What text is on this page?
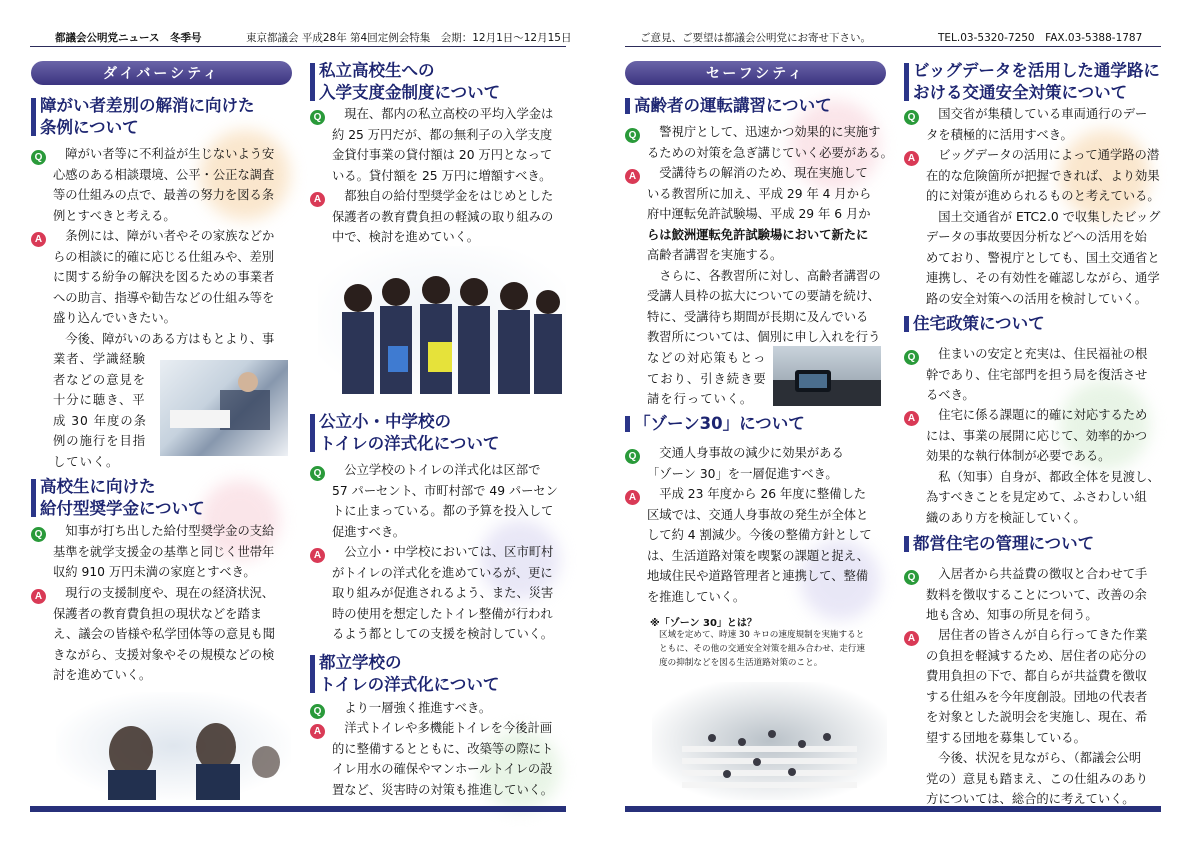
都議会公明党ニュース　冬季号	東京都議会 平成28年 第4回定例会特集　会期：12月1日〜12月15日	ご意見、ご要望は都議会公明党にお寄せ下さい。	TEL.03-5320-7250　FAX.03-5388-1787
ダイバーシティ
障がい者差別の解消に向けた
条例について
Q 　障がい者等に不利益が生じないよう安
心感のある相談環境、公平・公正な調査
等の仕組みの点で、最善の努力を図る条
例とすべきと考える。

A 　条例には、障がい者やその家族などか
らの相談に的確に応じる仕組みや、差別
に関する紛争の解決を図るための事業者
への助言、指導や勧告などの仕組み等を
盛り込んでいきたい。
　今後、障がいのある方はもとより、事

業者、学識経験
者などの意見を
十分に聴き、平
成 30 年度の条
例の施行を目指
していく。

高校生に向けた
給付型奨学金について
Q 　知事が打ち出した給付型奨学金の支給
基準を就学支援金の基準と同じく世帯年
収約 910 万円未満の家庭とすべき。

A 　現行の支援制度や、現在の経済状況、
保護者の教育費負担の現状などを踏ま
え、議会の皆様や私学団体等の意見も聞
きながら、支援対象やその規模などの検
討を進めていく。

私立高校生への
入学支度金制度について
Q 　現在、都内の私立高校の平均入学金は
約 25 万円だが、都の無利子の入学支度
金貸付事業の貸付額は 20 万円となって
いる。貸付額を 25 万円に増額すべき。

A 　都独自の給付型奨学金をはじめとした
保護者の教育費負担の軽減の取り組みの
中で、検討を進めていく。

公立小・中学校の
トイレの洋式化について
Q 　公立学校のトイレの洋式化は区部で
57 パーセント、市町村部で 49 パーセン
トに止まっている。都の予算を投入して
促進すべき。

A 　公立小・中学校においては、区市町村
がトイレの洋式化を進めているが、更に
取り組みが促進されるよう、また、災害
時の使用を想定したトイレ整備が行われ
るよう都としての支援を検討していく。

都立学校の
トイレの洋式化について
Q 　より一層強く推進すべき。

A 　洋式トイレや多機能トイレを今後計画
的に整備するとともに、改築等の際にト
イレ用水の確保やマンホールトイレの設
置など、災害時の対策も推進していく。

セーフシティ
高齢者の運転講習について
Q 　警視庁として、迅速かつ効果的に実施す
るための対策を急ぎ講じていく必要がある。

A 　受講待ちの解消のため、現在実施して
いる教習所に加え、平成 29 年 4 月から
府中運転免許試験場、平成 29 年 6 月か
らは鮫洲運転免許試験場において新たに
高齢者講習を実施する。
　さらに、各教習所に対し、高齢者講習の
受講人員枠の拡大についての要請を続け、
特に、受講待ち期間が長期に及んでいる
教習所については、個別に申し入れを行う

などの対応策もとっ
ており、引き続き要
請を行っていく。

「ゾーン30」について
Q 　交通人身事故の減少に効果がある
「ゾーン 30」を一層促進すべき。

A 　平成 23 年度から 26 年度に整備した
区域では、交通人身事故の発生が全体と
して約 4 割減少。今後の整備方針として
は、生活道路対策を喫緊の課題と捉え、
地域住民や道路管理者と連携して、整備
を推進していく。

※「ゾーン 30」とは？
区域を定めて、時速 30 キロの速度規制を実施すると
ともに、その他の交通安全対策を組み合わせ、走行速
度の抑制などを図る生活道路対策のこと。
ビッグデータを活用した通学路に
おける交通安全対策について
Q 　国交省が集積している車両通行のデー
タを積極的に活用すべき。

A 　ビッグデータの活用によって通学路の潜
在的な危険箇所が把握できれば、より効果
的に対策が進められるものと考えている。
　国土交通省が ETC2.0 で収集したビッグ
データの事故要因分析などへの活用を始
めており、警視庁としても、国土交通省と
連携し、その有効性を確認しながら、通学
路の安全対策への活用を検討していく。

住宅政策について
Q 　住まいの安定と充実は、住民福祉の根
幹であり、住宅部門を担う局を復活させ
るべき。

A 　住宅に係る課題に的確に対応するため
には、事業の展開に応じて、効率的かつ
効果的な執行体制が必要である。
　私（知事）自身が、都政全体を見渡し、
為すべきことを見定めて、ふさわしい組
織のあり方を検証していく。

都営住宅の管理について
Q 　入居者から共益費の徴収と合わせて手
数料を徴収することについて、改善の余
地も含め、知事の所見を伺う。

A 　居住者の皆さんが自ら行ってきた作業
の負担を軽減するため、居住者の応分の
費用負担の下で、都自らが共益費を徴収
する仕組みを今年度創設。団地の代表者
を対象とした説明会を実施し、現在、希
望する団地を募集している。
　今後、状況を見ながら、（都議会公明
党の）意見も踏まえ、この仕組みのあり
方については、総合的に考えていく。
